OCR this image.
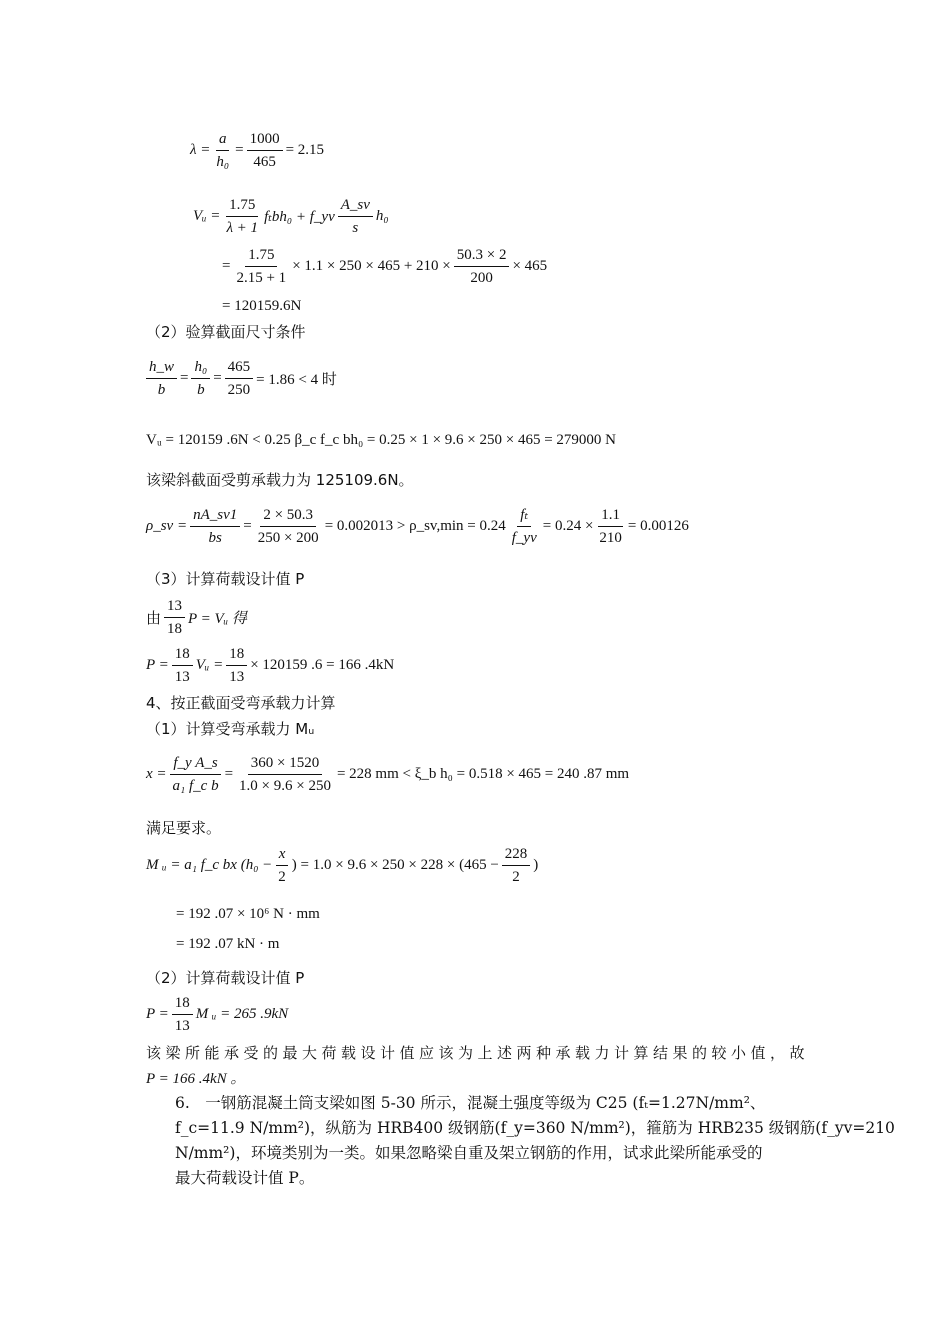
$\lambda = \frac{a}{\text{h₀}} = \frac{1000}{465} = 2.15$
Vᵤ = $\frac{1.75}{\lambda + 1} f_tbh_0$ + f_yv $\frac{A\_sv}{s} h_0$
= $\frac{1.75}{2.15 + 1} \times 1.1 \times 250 \times 465 + 210 \times \frac{50.3 \times 2}{200} \times 465$
= 120159.6N
（2）验算截面尺寸条件
$\frac{h\_w}{b} = \frac{\text{h₀}}{b} = \frac{465}{250} = 1.86 < 4$ 时
Vᵤ = 120159 .6N < 0.25 β_c f_c bh₀ = 0.25 × 1 × 9.6 × 250 × 465 = 279000 N
该梁斜截面受剪承载力为 125109.6N。
ρ_sv = $\frac{nA\_sv1}{bs} = \frac{2 \times 50.3}{250 \times 200} = 0.002013$ > ρ_sv,min = $0.24 \frac{\text{fₜ}}{f\_yv} = 0.24 \times \frac{1.1}{210} = 0.00126$
（3）计算荷载设计值 P
由 $\frac{13}{18}$ P = Vᵤ 得
$P = \frac{18}{13}$ Vᵤ = $\frac{18}{13} \times 120159$ .6 = 166 .4kN
4、按正截面受弯承载力计算
（1）计算受弯承载力 Mᵤ
$x = \frac{\text{f\_y A\_s}}{\text{a₁ f\_c b}} = \frac{360 \times 1520}{1.0 \times 9.6 \times 250} = 228$ mm < ξ_b h₀ = 0.518 × 465 = 240 .87 mm
满足要求。
M ᵤ = a₁ f_c bx ($h_0 - \frac{x}{2}$ ) = $1.0 \times 9.6 \times 250 \times 228 \times (465 - \frac{228}{2}$ )
= 192 .07 × 10⁶ N · mm
= 192 .07 kN · m
（2）计算荷载设计值 P
$P = \frac{18}{13}$ M ᵤ = 265 .9kN
该梁所能承受的最大荷载设计值应该为上述两种承载力计算结果的较小值，故
P = 166 .4kN 。
6.　一钢筋混凝土筒支梁如图 5-30 所示，混凝土强度等级为 C25 (fₜ=1.27N/mm²、
f_c=11.9 N/mm²)，纵筋为 HRB400 级钢筋(f_y=360 N/mm²)，箍筋为 HRB235 级钢筋(f_yv=210
N/mm²)，环境类别为一类。如果忽略梁自重及架立钢筋的作用，试求此梁所能承受的
最大荷载设计值 P。
